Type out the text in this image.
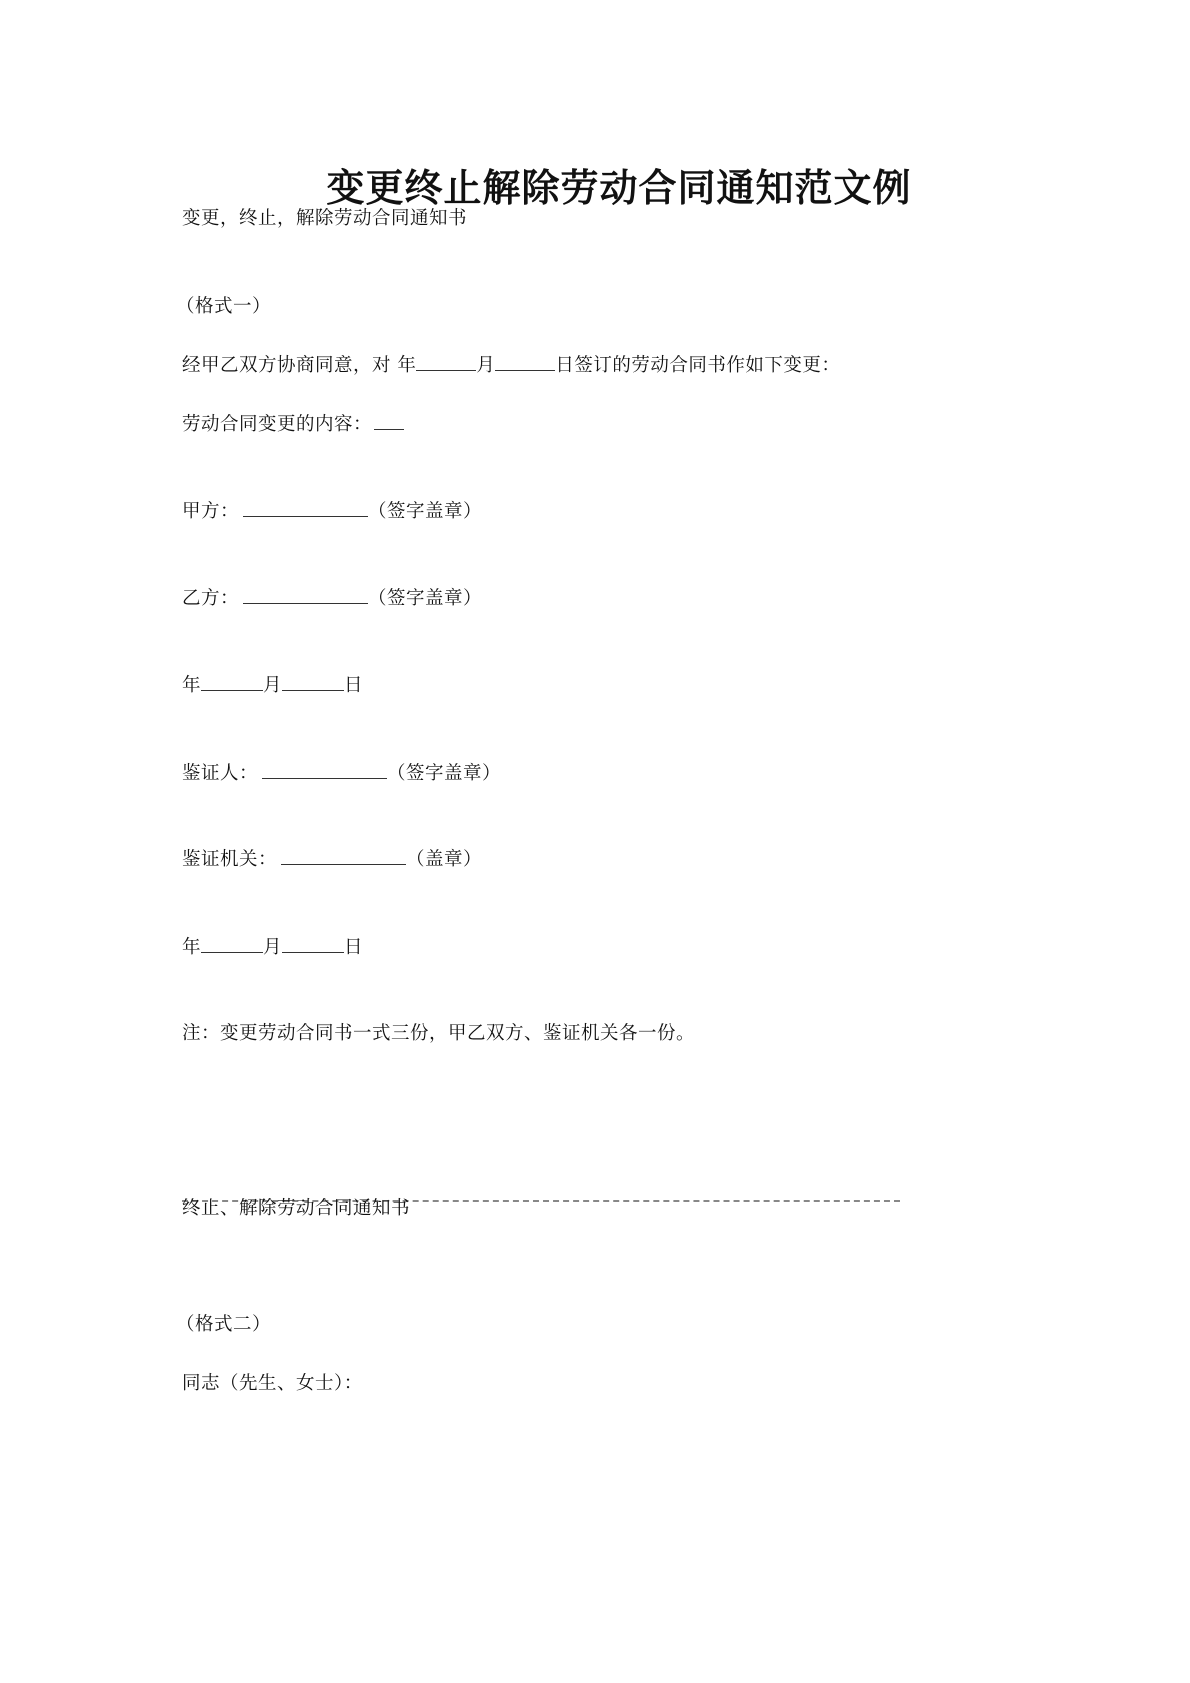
变更终止解除劳动合同通知范文例
变更，终止，解除劳动合同通知书
（格式一）
经甲乙双方协商同意，对 年	月	日签订的劳动合同书作如下变更：
劳动合同变更的内容：
甲方：	（签字盖章）
乙方：	（签字盖章）
年	月	日
鉴证人：	（签字盖章）
鉴证机关：	（盖章）
年	月	日
注：变更劳动合同书一式三份，甲乙双方、鉴证机关各一份。
终止、解除劳动合同通知书
（格式二）
同志（先生、女士）：
